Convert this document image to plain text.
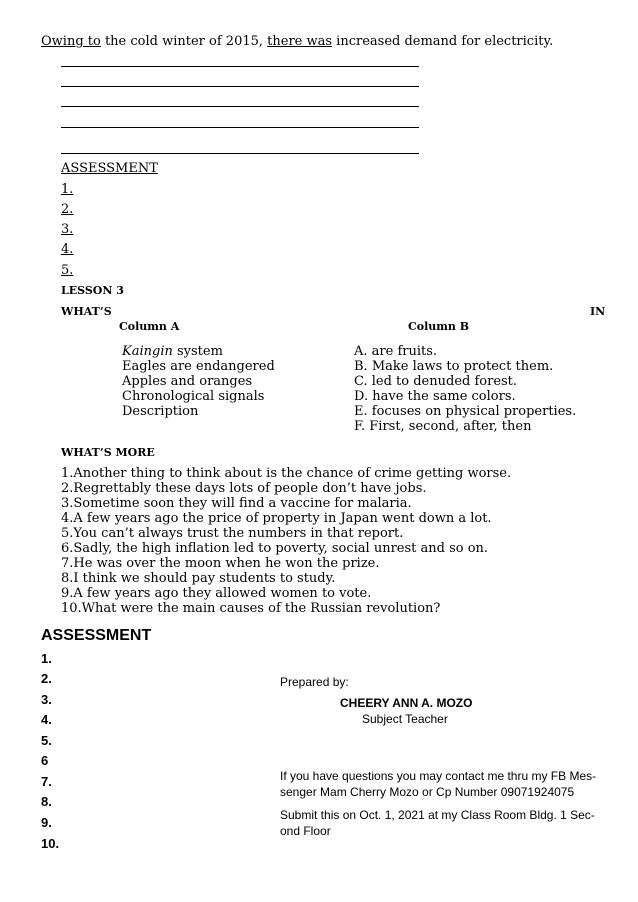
Owing to the cold winter of 2015, there was increased demand for electricity.
ASSESSMENT
1.
2.
3.
4.
5.
LESSON 3
WHAT’S	IN
Column A	Column B
Kaingin system
Eagles are endangered
Apples and oranges
Chronological signals
Description
A. are fruits.
B. Make laws to protect them.
C. led to denuded forest.
D. have the same colors.
E. focuses on physical properties.
F. First, second, after, then
WHAT’S MORE
1.Another thing to think about is the chance of crime getting worse.
2.Regrettably these days lots of people don’t have jobs.
3.Sometime soon they will find a vaccine for malaria.
4.A few years ago the price of property in Japan went down a lot.
5.You can’t always trust the numbers in that report.
6.Sadly, the high inflation led to poverty, social unrest and so on.
7.He was over the moon when he won the prize.
8.I think we should pay students to study.
9.A few years ago they allowed women to vote.
10.What were the main causes of the Russian revolution?
ASSESSMENT
1.
2.
3.
4.
5.
6
7.
8.
9.
10.
Prepared by:
CHEERY ANN A. MOZO
Subject Teacher
If you have questions you may contact me thru my FB Mes-
senger Mam Cherry Mozo or Cp Number 09071924075
Submit this on Oct. 1, 2021 at my Class Room Bldg. 1 Sec-
ond Floor
